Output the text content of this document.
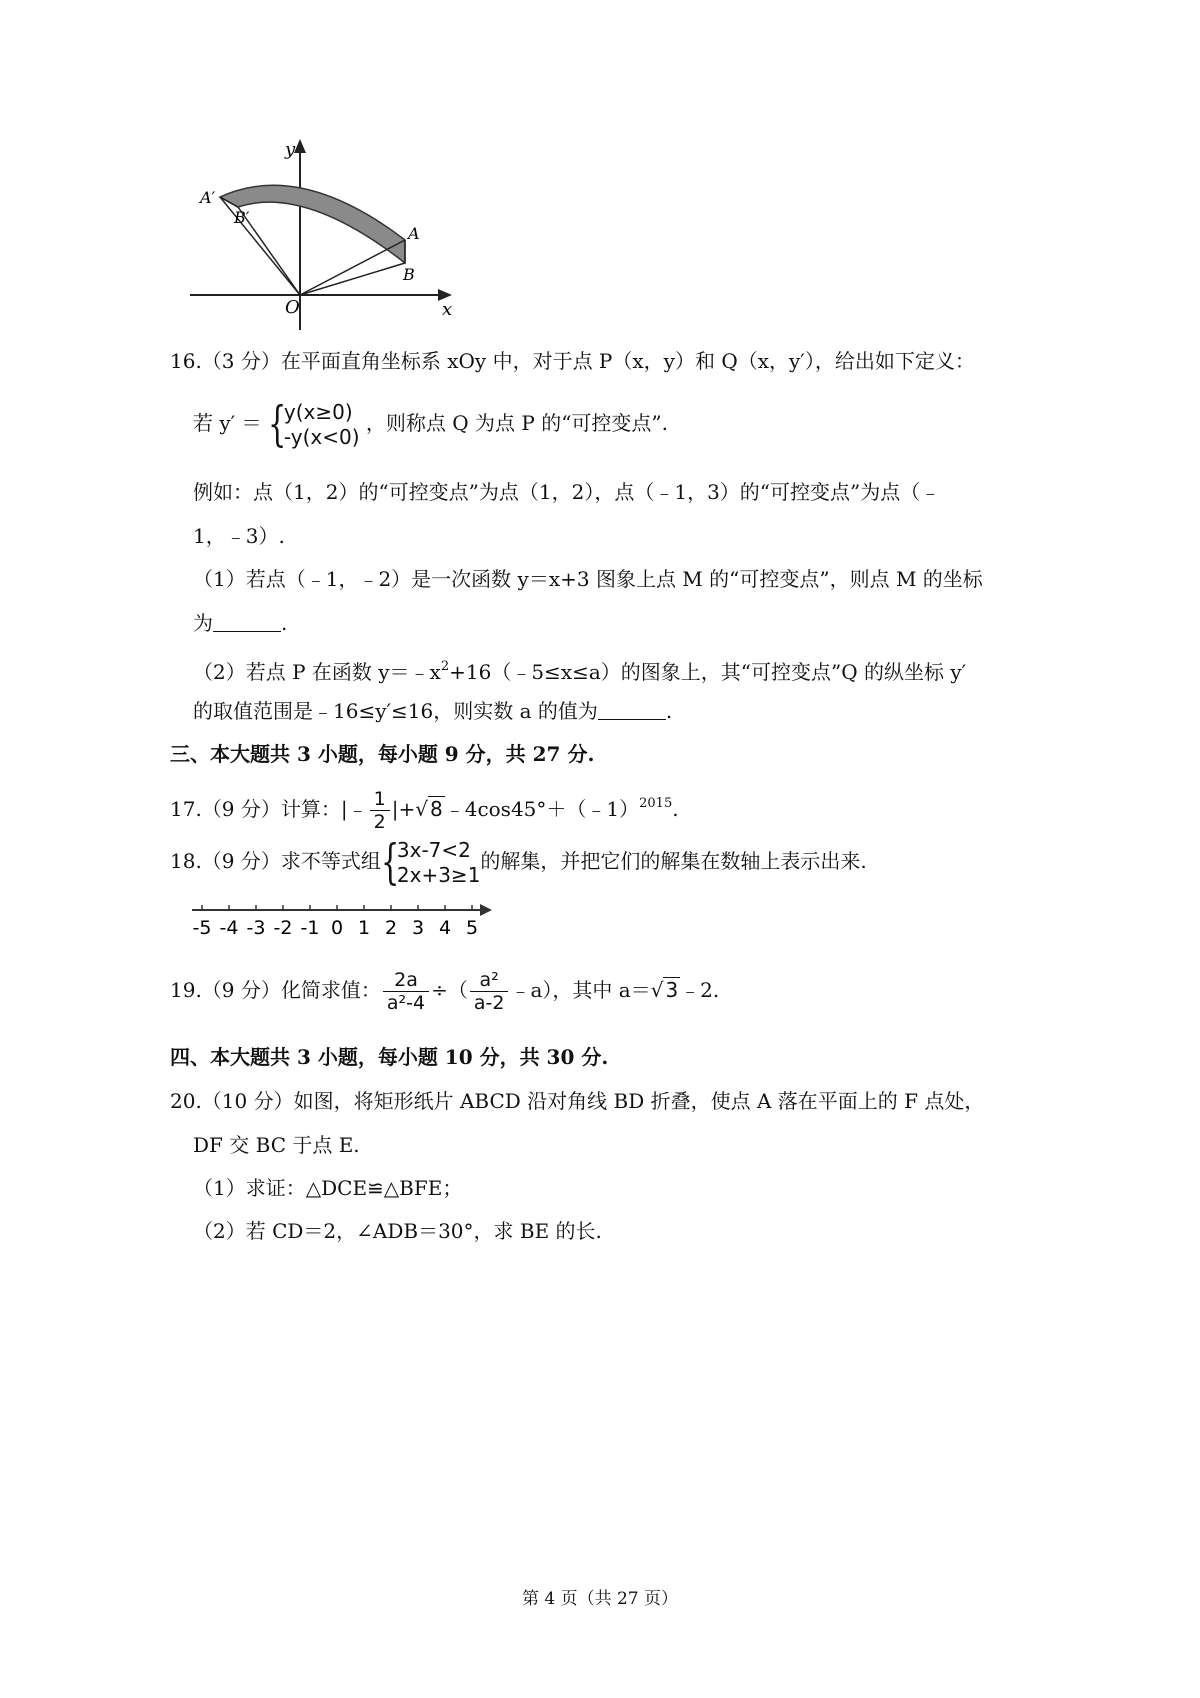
y
x
O
A′
B′
A
B
16.（3 分）在平面直角坐标系 xOy 中，对于点 P（x，y）和 Q（x，y′），给出如下定义：
若 y′ ＝ {
y(x≥0)
-y(x<0)
，则称点 Q 为点 P 的“可控变点”.
例如：点（1，2）的“可控变点”为点（1，2），点（﹣1，3）的“可控变点”为点（﹣
1，﹣3）.
（1）若点（﹣1，﹣2）是一次函数 y＝x+3 图象上点 M 的“可控变点”，则点 M 的坐标
为	.
（2）若点 P 在函数 $y=﹣x^2+16(﹣5\le x\le a)$的图象上，其“可控变点”Q 的纵坐标 y′
的取值范围是﹣16≤y′≤16，则实数 a 的值为	.
三、本大题共 3 小题，每小题 9 分，共 27 分.
17.（9 分）计算：|﹣ $\frac{1}{2}$ |+√ 8 ﹣4cos45°＋（﹣1）$^{2015}$.
18.（9 分）求不等式组 {
3x-7<2
2x+3≥1
的解集，并把它们的解集在数轴上表示出来.
-5 -4 -3 -2 -1 0 1 2 3 4 5
19.（9 分）化简求值： $\frac{2a}{\text{a²-4}}$ ÷（ $\frac{\text{a²}}{a-2}$ ﹣a），其中 a＝√ 3 ﹣2.
四、本大题共 3 小题，每小题 10 分，共 30 分.
20.（10 分）如图，将矩形纸片 ABCD 沿对角线 BD 折叠，使点 A 落在平面上的 F 点处，
DF 交 BC 于点 E.
（1）求证：△DCE≌△BFE；
（2）若 CD＝2，∠ADB＝30°，求 BE 的长.
第 4 页（共 27 页）
